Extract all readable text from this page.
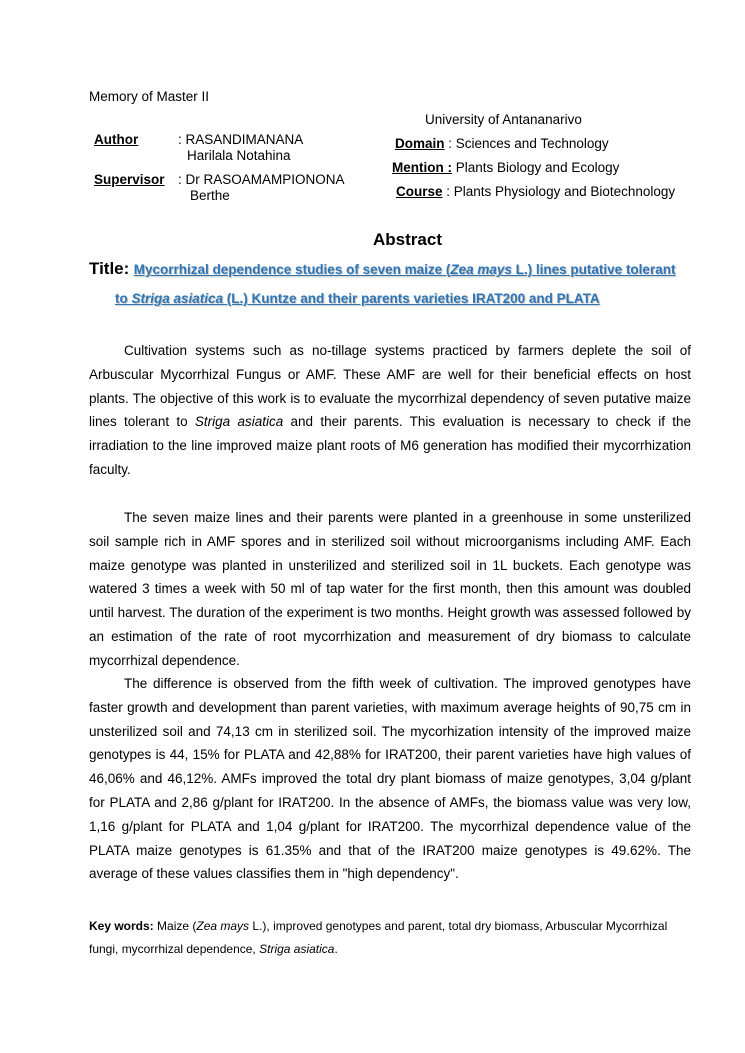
Memory of Master II
Author	: RASANDIMANANA
Harilala Notahina
Supervisor : Dr RASOAMAMPIONONA
Berthe
University of Antananarivo
Domain : Sciences and Technology
Mention : Plants Biology and Ecology
Course : Plants Physiology and Biotechnology
Abstract
Title: Mycorrhizal dependence studies of seven maize (Zea mays L.) lines putative tolerant
to Striga asiatica (L.) Kuntze and their parents varieties IRAT200 and PLATA

Cultivation systems such as no-tillage systems practiced by farmers deplete the soil of Arbuscular Mycorrhizal Fungus or AMF. These AMF are well for their beneficial effects on host plants. The objective of this work is to evaluate the mycorrhizal dependency of seven putative maize lines tolerant to Striga asiatica and their parents. This evaluation is necessary to check if the irradiation to the line improved maize plant roots of M6 generation has modified their mycorrhization faculty.

The seven maize lines and their parents were planted in a greenhouse in some unsterilized soil sample rich in AMF spores and in sterilized soil without microorganisms including AMF. Each maize genotype was planted in unsterilized and sterilized soil in 1L buckets. Each genotype was watered 3 times a week with 50 ml of tap water for the first month, then this amount was doubled until harvest. The duration of the experiment is two months. Height growth was assessed followed by an estimation of the rate of root mycorrhization and measurement of dry biomass to calculate mycorrhizal dependence.

The difference is observed from the fifth week of cultivation. The improved genotypes have faster growth and development than parent varieties, with maximum average heights of 90,75 cm in unsterilized soil and 74,13 cm in sterilized soil. The mycorhization intensity of the improved maize genotypes is 44, 15% for PLATA and 42,88% for IRAT200, their parent varieties have high values of 46,06% and 46,12%. AMFs improved the total dry plant biomass of maize genotypes, 3,04 g/plant for PLATA and 2,86 g/plant for IRAT200. In the absence of AMFs, the biomass value was very low, 1,16 g/plant for PLATA and 1,04 g/plant for IRAT200. The mycorrhizal dependence value of the PLATA maize genotypes is 61.35% and that of the IRAT200 maize genotypes is 49.62%. The average of these values classifies them in "high dependency".

Key words: Maize (Zea mays L.), improved genotypes and parent, total dry biomass, Arbuscular Mycorrhizal fungi, mycorrhizal dependence, Striga asiatica.
